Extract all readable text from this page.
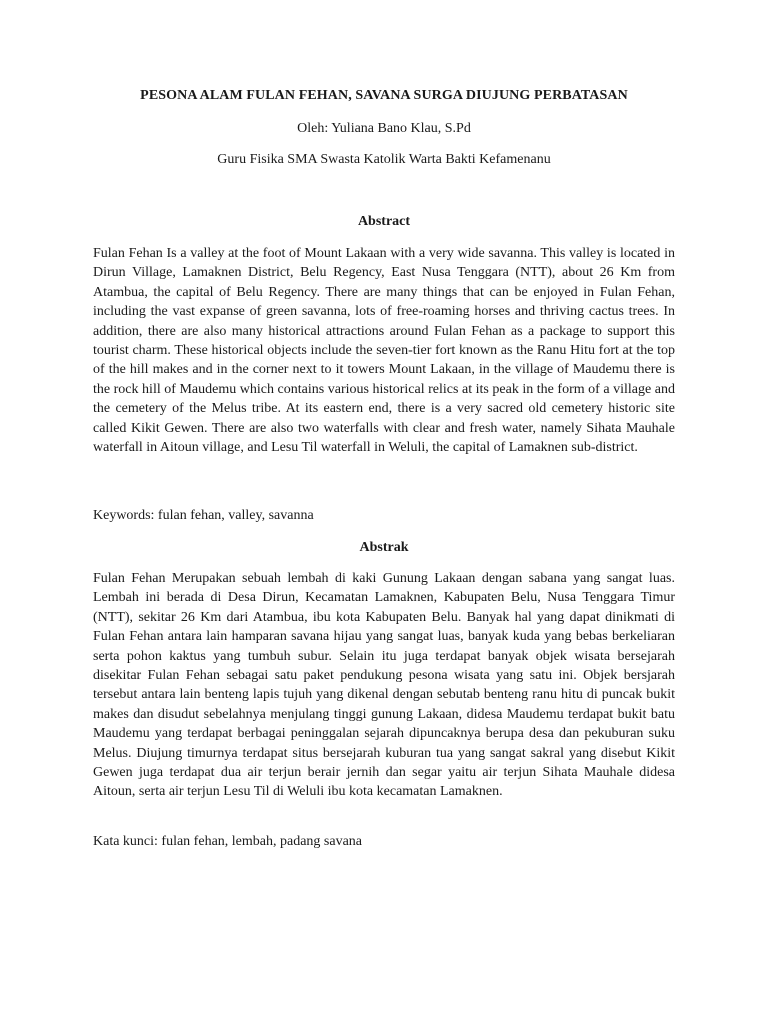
PESONA ALAM FULAN FEHAN, SAVANA SURGA DIUJUNG PERBATASAN
Oleh: Yuliana Bano Klau, S.Pd
Guru Fisika SMA Swasta Katolik Warta Bakti Kefamenanu
Abstract
Fulan Fehan Is a valley at the foot of Mount Lakaan with a very wide savanna. This valley is located in Dirun Village, Lamaknen District, Belu Regency, East Nusa Tenggara (NTT), about 26 Km from Atambua, the capital of Belu Regency. There are many things that can be enjoyed in Fulan Fehan, including the vast expanse of green savanna, lots of free-roaming horses and thriving cactus trees. In addition, there are also many historical attractions around Fulan Fehan as a package to support this tourist charm. These historical objects include the seven-tier fort known as the Ranu Hitu fort at the top of the hill makes and in the corner next to it towers Mount Lakaan, in the village of Maudemu there is the rock hill of Maudemu which contains various historical relics at its peak in the form of a village and the cemetery of the Melus tribe. At its eastern end, there is a very sacred old cemetery historic site called Kikit Gewen. There are also two waterfalls with clear and fresh water, namely Sihata Mauhale waterfall in Aitoun village, and Lesu Til waterfall in Weluli, the capital of Lamaknen sub-district.
Keywords: fulan fehan, valley, savanna
Abstrak
Fulan Fehan Merupakan sebuah lembah di kaki Gunung Lakaan dengan sabana yang sangat luas. Lembah ini berada di Desa Dirun, Kecamatan Lamaknen, Kabupaten Belu, Nusa Tenggara Timur (NTT), sekitar 26 Km dari Atambua, ibu kota Kabupaten Belu. Banyak hal yang dapat dinikmati di Fulan Fehan antara lain hamparan savana hijau yang sangat luas, banyak kuda yang bebas berkeliaran serta pohon kaktus yang tumbuh subur. Selain itu juga terdapat banyak objek wisata bersejarah disekitar Fulan Fehan sebagai satu paket pendukung pesona wisata yang satu ini. Objek bersjarah tersebut antara lain benteng lapis tujuh yang dikenal dengan sebutab benteng ranu hitu di puncak bukit makes dan disudut sebelahnya menjulang tinggi gunung Lakaan, didesa Maudemu terdapat bukit batu Maudemu yang terdapat berbagai peninggalan sejarah dipuncaknya berupa desa dan pekuburan suku Melus. Diujung timurnya terdapat situs bersejarah kuburan tua yang sangat sakral yang disebut Kikit Gewen juga terdapat dua air terjun berair jernih dan segar yaitu air terjun Sihata Mauhale didesa Aitoun, serta air terjun Lesu Til di Weluli ibu kota kecamatan Lamaknen.
Kata kunci: fulan fehan, lembah, padang savana
